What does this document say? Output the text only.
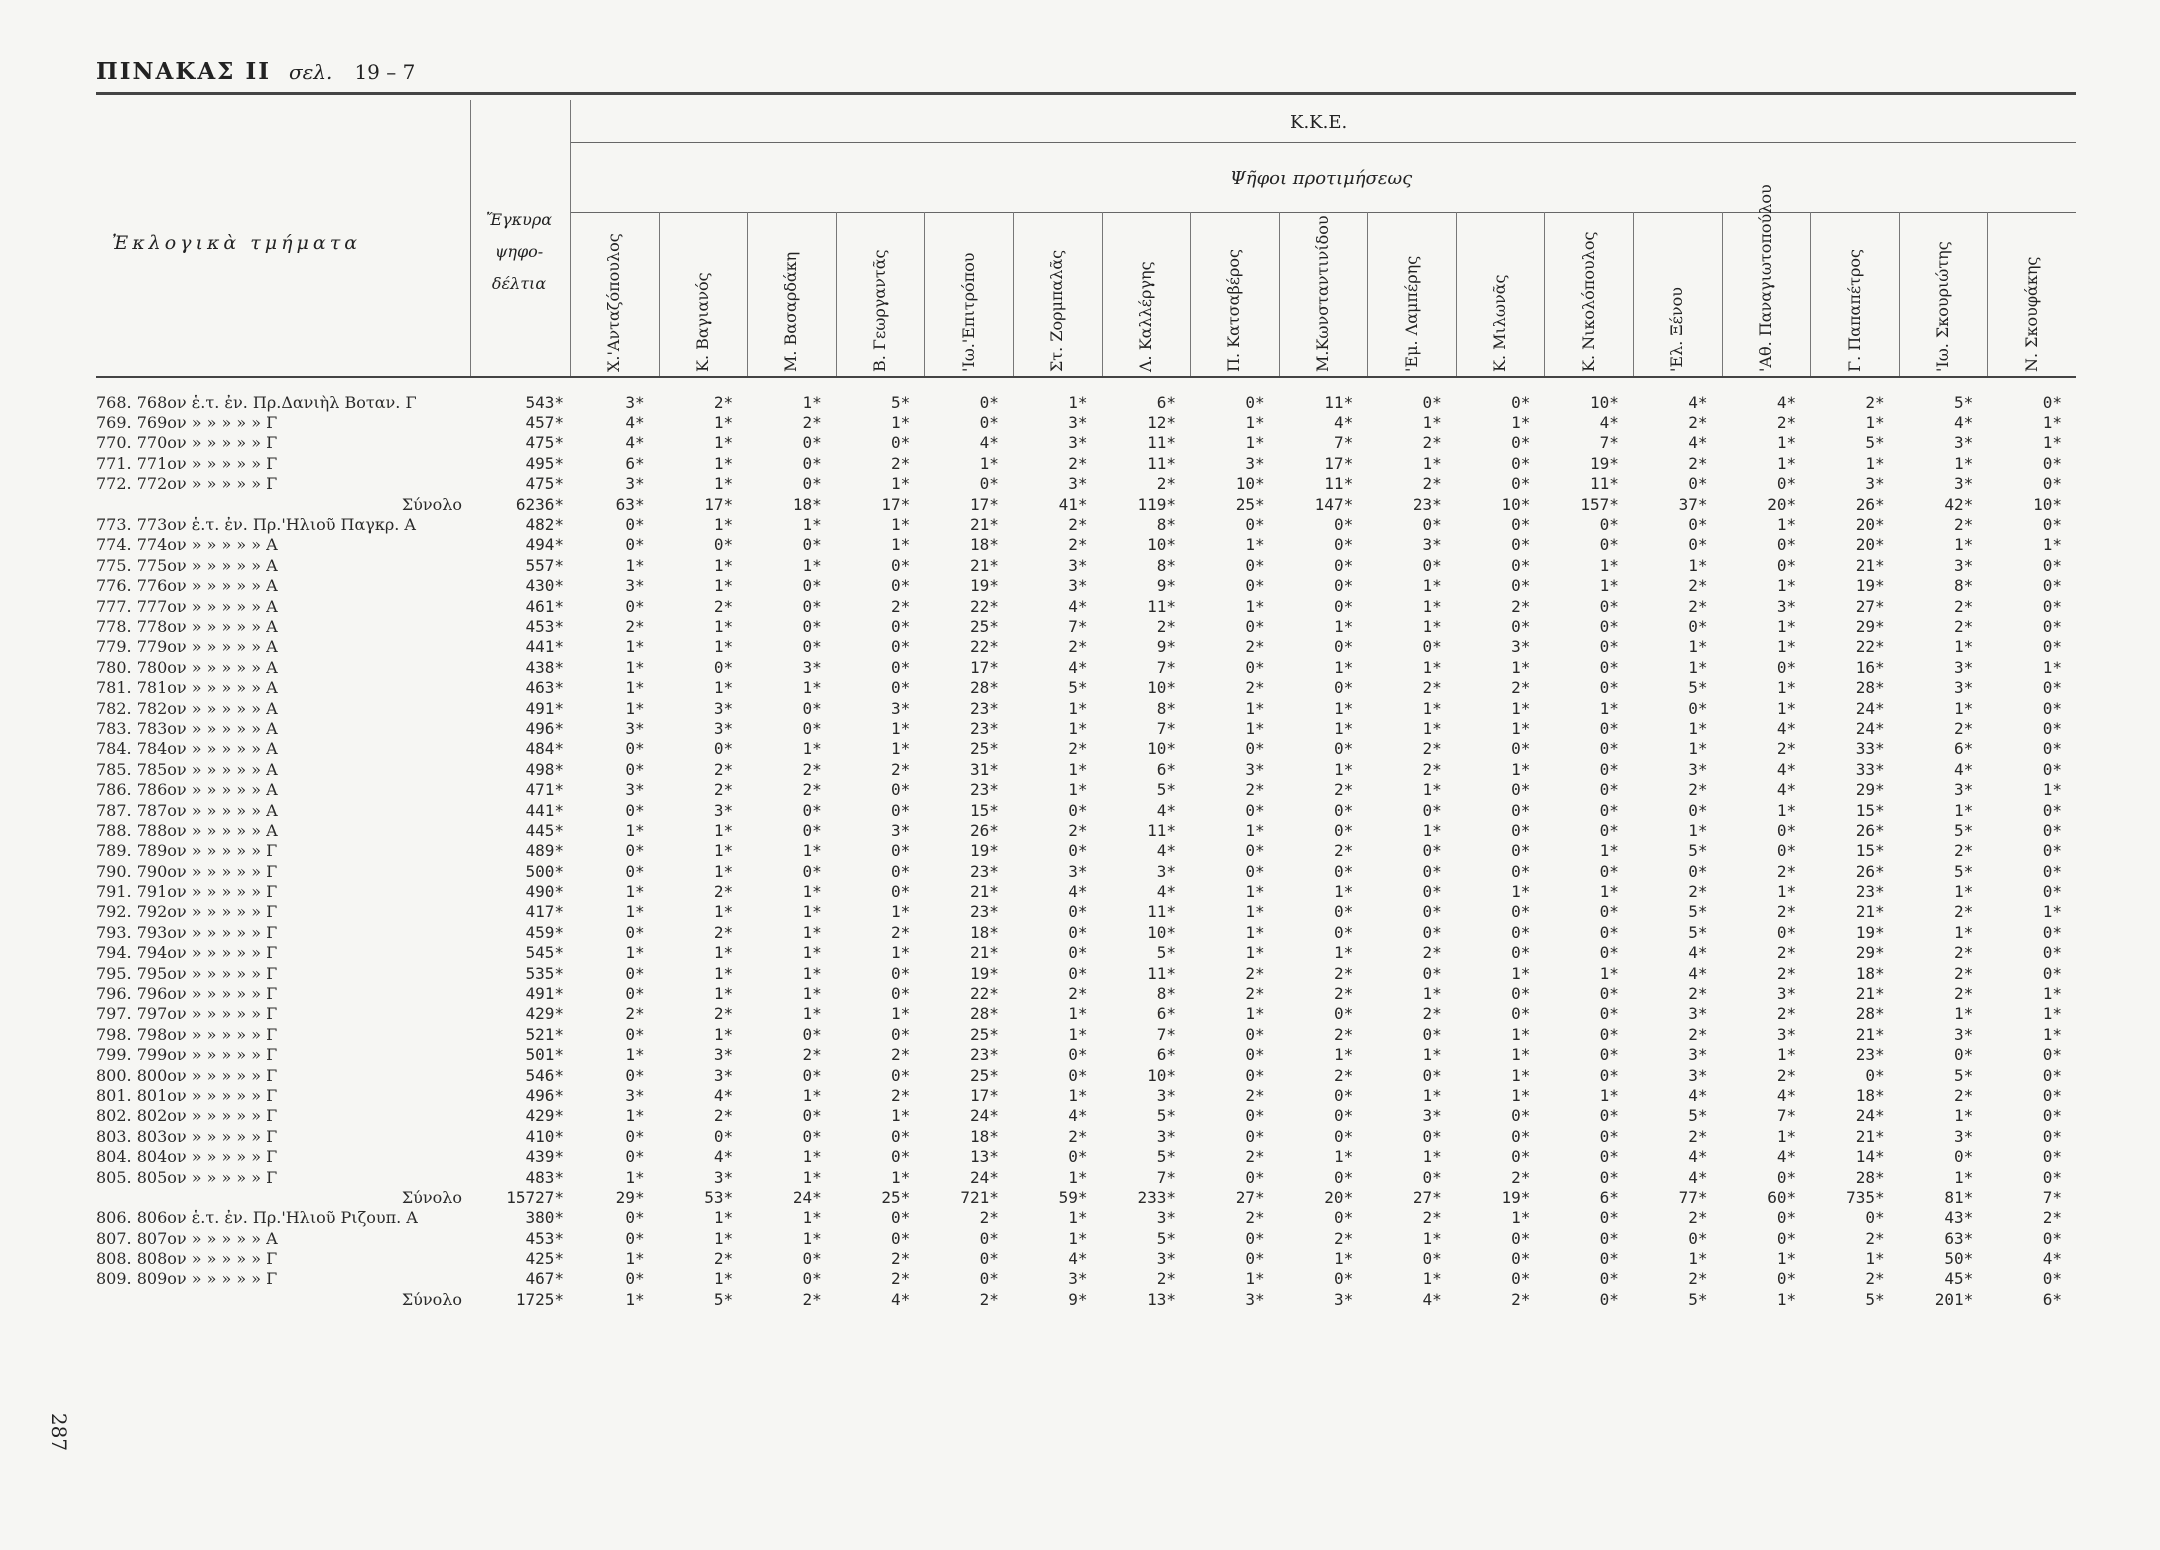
ΠΙΝΑΚΑΣ ΙΙ σελ. 19 – 7
287
Ἐκλογικὰ τμήματα
Ἔγκυρα
ψηφο-
δέλτια
Κ.Κ.Ε.
Ψῆφοι προτιμήσεως
Χ.'Ανταζόπουλος	Κ. Βαγιανός	Μ. Βασαρδάκη	Β. Γεωργαντᾶς	'Ιω.'Επιτρόπου	Στ. Ζορμπαλᾶς	Λ. Καλλέργης	Π. Κατσαβέρος	Μ.Κωνσταντινίδου	'Εμ. Λαμπέρης	Κ. Μιλωνᾶς	Κ. Νικολόπουλος	'Ελ. Ξένου	'Αθ. Παναγιωτοπούλου	Γ. Παπαπέτρος	'Ιω. Σκουριώτης	Ν. Σκουφάκης
768. 768ον ἑ.τ. ἐν. Πρ.Δανιὴλ Βοταν. Γ	543*	3*	2*	1*	5*	0*	1*	6*	0*	11*	0*	0*	10*	4*	4*	2*	5*	0*
769. 769ον » » » » » Γ	457*	4*	1*	2*	1*	0*	3*	12*	1*	4*	1*	1*	4*	2*	2*	1*	4*	1*
770. 770ον » » » » » Γ	475*	4*	1*	0*	0*	4*	3*	11*	1*	7*	2*	0*	7*	4*	1*	5*	3*	1*
771. 771ον » » » » » Γ	495*	6*	1*	0*	2*	1*	2*	11*	3*	17*	1*	0*	19*	2*	1*	1*	1*	0*
772. 772ον » » » » » Γ	475*	3*	1*	0*	1*	0*	3*	2*	10*	11*	2*	0*	11*	0*	0*	3*	3*	0*
Σύνολο	6236*	63*	17*	18*	17*	17*	41*	119*	25*	147*	23*	10*	157*	37*	20*	26*	42*	10*
773. 773ον ἑ.τ. ἐν. Πρ.'Ηλιοῦ Παγκρ. Α	482*	0*	1*	1*	1*	21*	2*	8*	0*	0*	0*	0*	0*	0*	1*	20*	2*	0*
774. 774ον » » » » » Α	494*	0*	0*	0*	1*	18*	2*	10*	1*	0*	3*	0*	0*	0*	0*	20*	1*	1*
775. 775ον » » » » » Α	557*	1*	1*	1*	0*	21*	3*	8*	0*	0*	0*	0*	1*	1*	0*	21*	3*	0*
776. 776ον » » » » » Α	430*	3*	1*	0*	0*	19*	3*	9*	0*	0*	1*	0*	1*	2*	1*	19*	8*	0*
777. 777ον » » » » » Α	461*	0*	2*	0*	2*	22*	4*	11*	1*	0*	1*	2*	0*	2*	3*	27*	2*	0*
778. 778ον » » » » » Α	453*	2*	1*	0*	0*	25*	7*	2*	0*	1*	1*	0*	0*	0*	1*	29*	2*	0*
779. 779ον » » » » » Α	441*	1*	1*	0*	0*	22*	2*	9*	2*	0*	0*	3*	0*	1*	1*	22*	1*	0*
780. 780ον » » » » » Α	438*	1*	0*	3*	0*	17*	4*	7*	0*	1*	1*	1*	0*	1*	0*	16*	3*	1*
781. 781ον » » » » » Α	463*	1*	1*	1*	0*	28*	5*	10*	2*	0*	2*	2*	0*	5*	1*	28*	3*	0*
782. 782ον » » » » » Α	491*	1*	3*	0*	3*	23*	1*	8*	1*	1*	1*	1*	1*	0*	1*	24*	1*	0*
783. 783ον » » » » » Α	496*	3*	3*	0*	1*	23*	1*	7*	1*	1*	1*	1*	0*	1*	4*	24*	2*	0*
784. 784ον » » » » » Α	484*	0*	0*	1*	1*	25*	2*	10*	0*	0*	2*	0*	0*	1*	2*	33*	6*	0*
785. 785ον » » » » » Α	498*	0*	2*	2*	2*	31*	1*	6*	3*	1*	2*	1*	0*	3*	4*	33*	4*	0*
786. 786ον » » » » » Α	471*	3*	2*	2*	0*	23*	1*	5*	2*	2*	1*	0*	0*	2*	4*	29*	3*	1*
787. 787ον » » » » » Α	441*	0*	3*	0*	0*	15*	0*	4*	0*	0*	0*	0*	0*	0*	1*	15*	1*	0*
788. 788ον » » » » » Α	445*	1*	1*	0*	3*	26*	2*	11*	1*	0*	1*	0*	0*	1*	0*	26*	5*	0*
789. 789ον » » » » » Γ	489*	0*	1*	1*	0*	19*	0*	4*	0*	2*	0*	0*	1*	5*	0*	15*	2*	0*
790. 790ον » » » » » Γ	500*	0*	1*	0*	0*	23*	3*	3*	0*	0*	0*	0*	0*	0*	2*	26*	5*	0*
791. 791ον » » » » » Γ	490*	1*	2*	1*	0*	21*	4*	4*	1*	1*	0*	1*	1*	2*	1*	23*	1*	0*
792. 792ον » » » » » Γ	417*	1*	1*	1*	1*	23*	0*	11*	1*	0*	0*	0*	0*	5*	2*	21*	2*	1*
793. 793ον » » » » » Γ	459*	0*	2*	1*	2*	18*	0*	10*	1*	0*	0*	0*	0*	5*	0*	19*	1*	0*
794. 794ον » » » » » Γ	545*	1*	1*	1*	1*	21*	0*	5*	1*	1*	2*	0*	0*	4*	2*	29*	2*	0*
795. 795ον » » » » » Γ	535*	0*	1*	1*	0*	19*	0*	11*	2*	2*	0*	1*	1*	4*	2*	18*	2*	0*
796. 796ον » » » » » Γ	491*	0*	1*	1*	0*	22*	2*	8*	2*	2*	1*	0*	0*	2*	3*	21*	2*	1*
797. 797ον » » » » » Γ	429*	2*	2*	1*	1*	28*	1*	6*	1*	0*	2*	0*	0*	3*	2*	28*	1*	1*
798. 798ον » » » » » Γ	521*	0*	1*	0*	0*	25*	1*	7*	0*	2*	0*	1*	0*	2*	3*	21*	3*	1*
799. 799ον » » » » » Γ	501*	1*	3*	2*	2*	23*	0*	6*	0*	1*	1*	1*	0*	3*	1*	23*	0*	0*
800. 800ον » » » » » Γ	546*	0*	3*	0*	0*	25*	0*	10*	0*	2*	0*	1*	0*	3*	2*	0*	5*	0*
801. 801ον » » » » » Γ	496*	3*	4*	1*	2*	17*	1*	3*	2*	0*	1*	1*	1*	4*	4*	18*	2*	0*
802. 802ον » » » » » Γ	429*	1*	2*	0*	1*	24*	4*	5*	0*	0*	3*	0*	0*	5*	7*	24*	1*	0*
803. 803ον » » » » » Γ	410*	0*	0*	0*	0*	18*	2*	3*	0*	0*	0*	0*	0*	2*	1*	21*	3*	0*
804. 804ον » » » » » Γ	439*	0*	4*	1*	0*	13*	0*	5*	2*	1*	1*	0*	0*	4*	4*	14*	0*	0*
805. 805ον » » » » » Γ	483*	1*	3*	1*	1*	24*	1*	7*	0*	0*	0*	2*	0*	4*	0*	28*	1*	0*
Σύνολο	15727*	29*	53*	24*	25*	721*	59*	233*	27*	20*	27*	19*	6*	77*	60*	735*	81*	7*
806. 806ον ἑ.τ. ἐν. Πρ.'Ηλιοῦ Ριζουπ. Α	380*	0*	1*	1*	0*	2*	1*	3*	2*	0*	2*	1*	0*	2*	0*	0*	43*	2*
807. 807ον » » » » » Α	453*	0*	1*	1*	0*	0*	1*	5*	0*	2*	1*	0*	0*	0*	0*	2*	63*	0*
808. 808ον » » » » » Γ	425*	1*	2*	0*	2*	0*	4*	3*	0*	1*	0*	0*	0*	1*	1*	1*	50*	4*
809. 809ον » » » » » Γ	467*	0*	1*	0*	2*	0*	3*	2*	1*	0*	1*	0*	0*	2*	0*	2*	45*	0*
Σύνολο	1725*	1*	5*	2*	4*	2*	9*	13*	3*	3*	4*	2*	0*	5*	1*	5*	201*	6*
